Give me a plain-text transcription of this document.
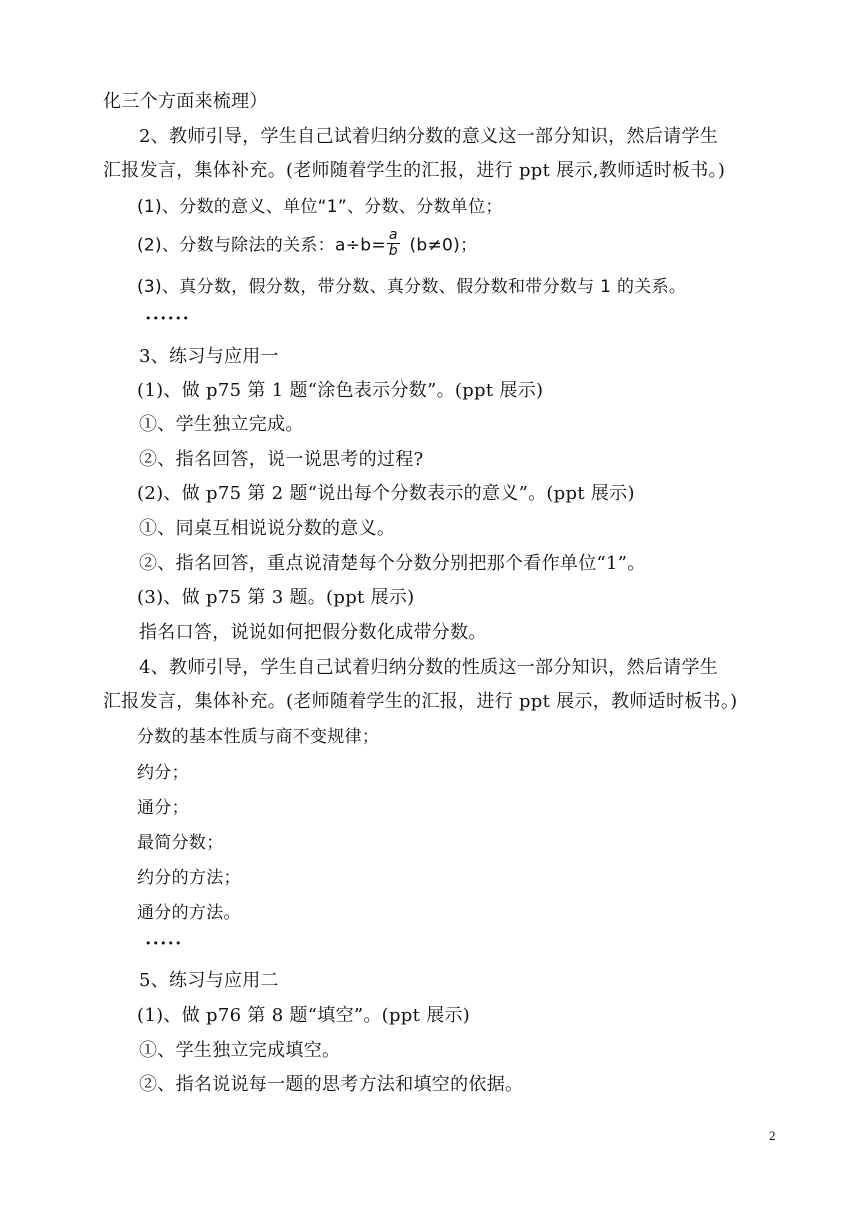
化三个方面来梳理）
2、教师引导，学生自己试着归纳分数的意义这一部分知识，然后请学生
汇报发言，集体补充。(老师随着学生的汇报，进行 ppt 展示,教师适时板书。)
(1)、分数的意义、单位“1”、分数、分数单位；
(2)、分数与除法的关系：$a\div b= \frac{a}{b} (b\ne 0)$；
(3)、真分数，假分数，带分数、真分数、假分数和带分数与 1 的关系。
••••••
3、练习与应用一
(1)、做 p75 第 1 题“涂色表示分数”。(ppt 展示)
①、学生独立完成。
②、指名回答，说一说思考的过程?
(2)、做 p75 第 2 题“说出每个分数表示的意义”。(ppt 展示)
①、同桌互相说说分数的意义。
②、指名回答，重点说清楚每个分数分别把那个看作单位“1”。
(3)、做 p75 第 3 题。(ppt 展示)
指名口答，说说如何把假分数化成带分数。
4、教师引导，学生自己试着归纳分数的性质这一部分知识，然后请学生
汇报发言，集体补充。(老师随着学生的汇报，进行 ppt 展示，教师适时板书。)
分数的基本性质与商不变规律；
约分；
通分；
最简分数；
约分的方法；
通分的方法。
•••••
5、练习与应用二
(1)、做 p76 第 8 题“填空”。(ppt 展示)
①、学生独立完成填空。
②、指名说说每一题的思考方法和填空的依据。
2
